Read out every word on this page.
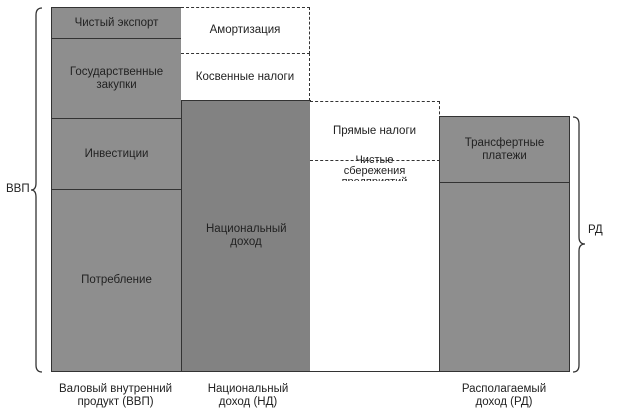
Чистый экспорт
Государственные закупки
Инвестиции
Потребление
Амортизация
Косвенные налоги
Национальный доход
Прямые налоги
Чистые сбережения
Трансфертные платежи
Валовый внутренний продукт (ВВП)
Национальный доход (НД)
Располагаемый доход (РД)
ВВП
РД
